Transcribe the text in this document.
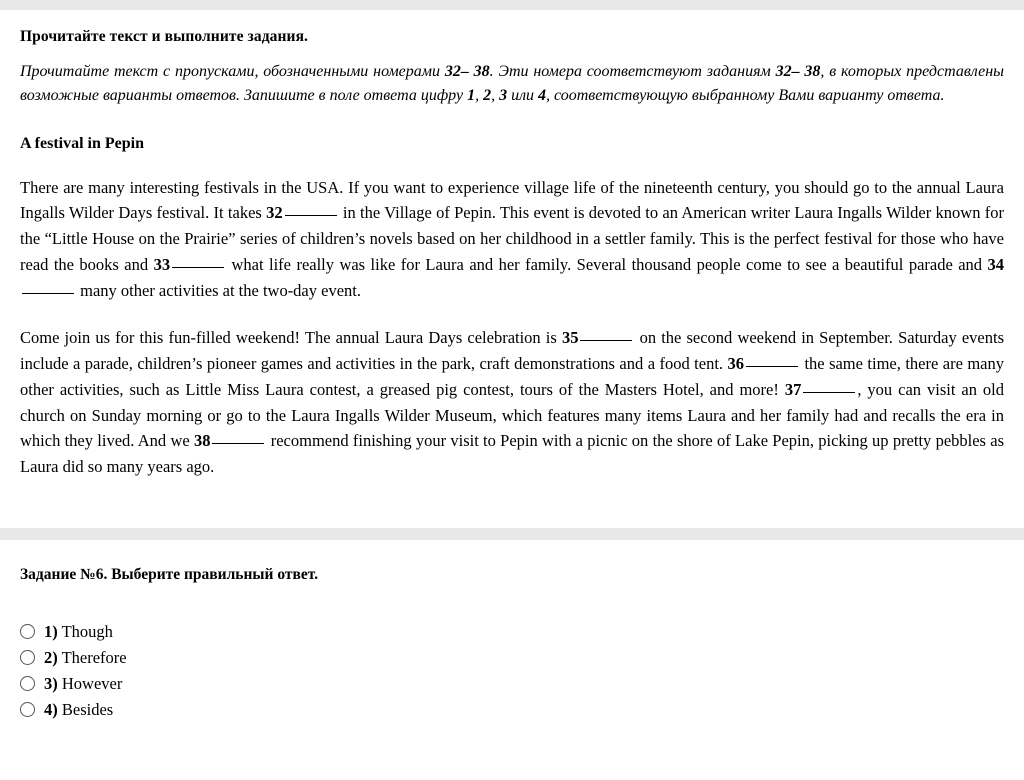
Прочитайте текст и выполните задания.
Прочитайте текст с пропусками, обозначенными номерами 32– 38. Эти номера соответствуют заданиям 32– 38, в которых представлены возможные варианты ответов. Запишите в поле ответа цифру 1, 2, 3 или 4, соответствующую выбранному Вами варианту ответа.
A festival in Pepin
There are many interesting festivals in the USA. If you want to experience village life of the nineteenth century, you should go to the annual Laura Ingalls Wilder Days festival. It takes 32	in the Village of Pepin. This event is devoted to an American writer Laura Ingalls Wilder known for the “Little House on the Prairie” series of children’s novels based on her childhood in a settler family. This is the perfect festival for those who have read the books and 33	what life really was like for Laura and her family. Several thousand people come to see a beautiful parade and 34 many other activities at the two-day event.
Come join us for this fun-filled weekend! The annual Laura Days celebration is 35	on the second weekend in September. Saturday events include a parade, children’s pioneer games and activities in the park, craft demonstrations and a food tent. 36	the same time, there are many other activities, such as Little Miss Laura contest, a greased pig contest, tours of the Masters Hotel, and more! 37	, you can visit an old church on Sunday morning or go to the Laura Ingalls Wilder Museum, which features many items Laura and her family had and recalls the era in which they lived. And we 38	recommend finishing your visit to Pepin with a picnic on the shore of Lake Pepin, picking up pretty pebbles as Laura did so many years ago.
Задание №6. Выберите правильный ответ.
1) Though
2) Therefore
3) However
4) Besides
